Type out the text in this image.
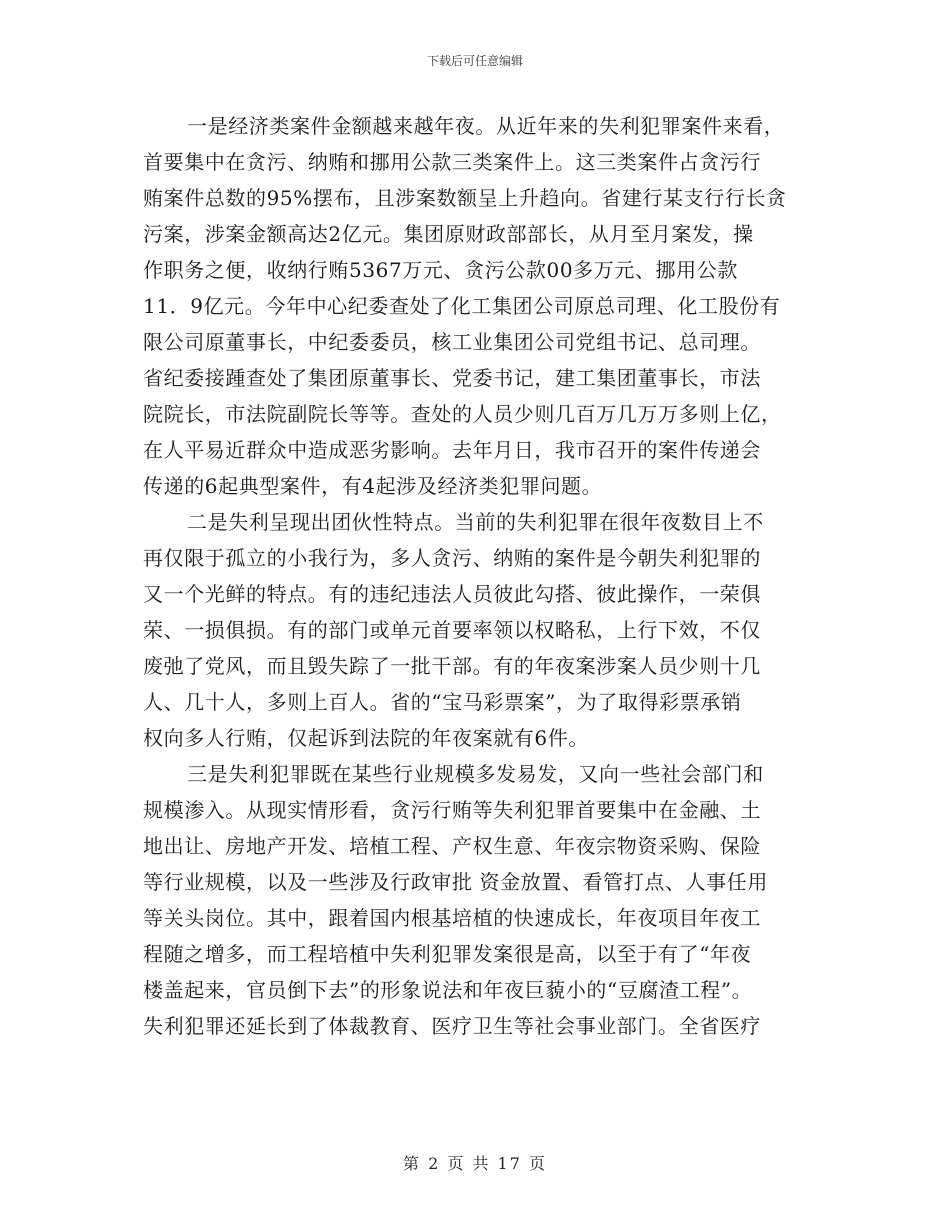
下载后可任意编辑
一是经济类案件金额越来越年夜。从近年来的失利犯罪案件来看，
首要集中在贪污、纳贿和挪用公款三类案件上。这三类案件占贪污行
贿案件总数的95%摆布，且涉案数额呈上升趋向。省建行某支行行长贪
污案，涉案金额高达2亿元。集团原财政部部长，从月至月案发，操
作职务之便，收纳行贿5367万元、贪污公款00多万元、挪用公款
11．9亿元。今年中心纪委查处了化工集团公司原总司理、化工股份有
限公司原董事长，中纪委委员，核工业集团公司党组书记、总司理。
省纪委接踵查处了集团原董事长、党委书记，建工集团董事长，市法
院院长，市法院副院长等等。查处的人员少则几百万几万万多则上亿，
在人平易近群众中造成恶劣影响。去年月日，我市召开的案件传递会
传递的6起典型案件，有4起涉及经济类犯罪问题。
二是失利呈现出团伙性特点。当前的失利犯罪在很年夜数目上不
再仅限于孤立的小我行为，多人贪污、纳贿的案件是今朝失利犯罪的
又一个光鲜的特点。有的违纪违法人员彼此勾搭、彼此操作，一荣俱
荣、一损俱损。有的部门或单元首要率领以权略私，上行下效，不仅
废弛了党风，而且毁失踪了一批干部。有的年夜案涉案人员少则十几
人、几十人，多则上百人。省的“宝马彩票案”，为了取得彩票承销
权向多人行贿，仅起诉到法院的年夜案就有6件。
三是失利犯罪既在某些行业规模多发易发，又向一些社会部门和
规模渗入。从现实情形看，贪污行贿等失利犯罪首要集中在金融、土
地出让、房地产开发、培植工程、产权生意、年夜宗物资采购、保险
等行业规模，以及一些涉及行政审批 资金放置、看管打点、人事任用
等关头岗位。其中，跟着国内根基培植的快速成长，年夜项目年夜工
程随之增多，而工程培植中失利犯罪发案很是高，以至于有了“年夜
楼盖起来，官员倒下去”的形象说法和年夜巨藐小的“豆腐渣工程”。
失利犯罪还延长到了体裁教育、医疗卫生等社会事业部门。全省医疗
第 2 页 共 17 页
